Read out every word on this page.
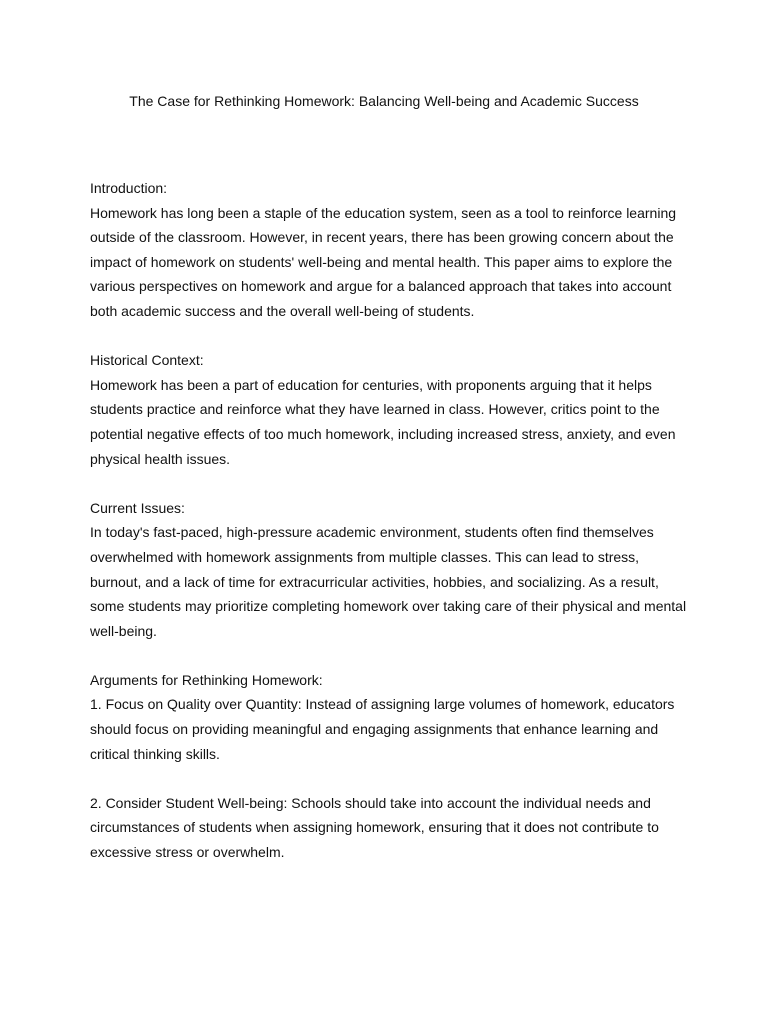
The Case for Rethinking Homework: Balancing Well-being and Academic Success
Introduction:

Homework has long been a staple of the education system, seen as a tool to reinforce learning
outside of the classroom. However, in recent years, there has been growing concern about the
impact of homework on students' well-being and mental health. This paper aims to explore the
various perspectives on homework and argue for a balanced approach that takes into account
both academic success and the overall well-being of students.

Historical Context:

Homework has been a part of education for centuries, with proponents arguing that it helps
students practice and reinforce what they have learned in class. However, critics point to the
potential negative effects of too much homework, including increased stress, anxiety, and even
physical health issues.

Current Issues:

In today's fast-paced, high-pressure academic environment, students often find themselves
overwhelmed with homework assignments from multiple classes. This can lead to stress,
burnout, and a lack of time for extracurricular activities, hobbies, and socializing. As a result,
some students may prioritize completing homework over taking care of their physical and mental
well-being.

Arguments for Rethinking Homework:

1. Focus on Quality over Quantity: Instead of assigning large volumes of homework, educators
should focus on providing meaningful and engaging assignments that enhance learning and
critical thinking skills.

2. Consider Student Well-being: Schools should take into account the individual needs and
circumstances of students when assigning homework, ensuring that it does not contribute to
excessive stress or overwhelm.
